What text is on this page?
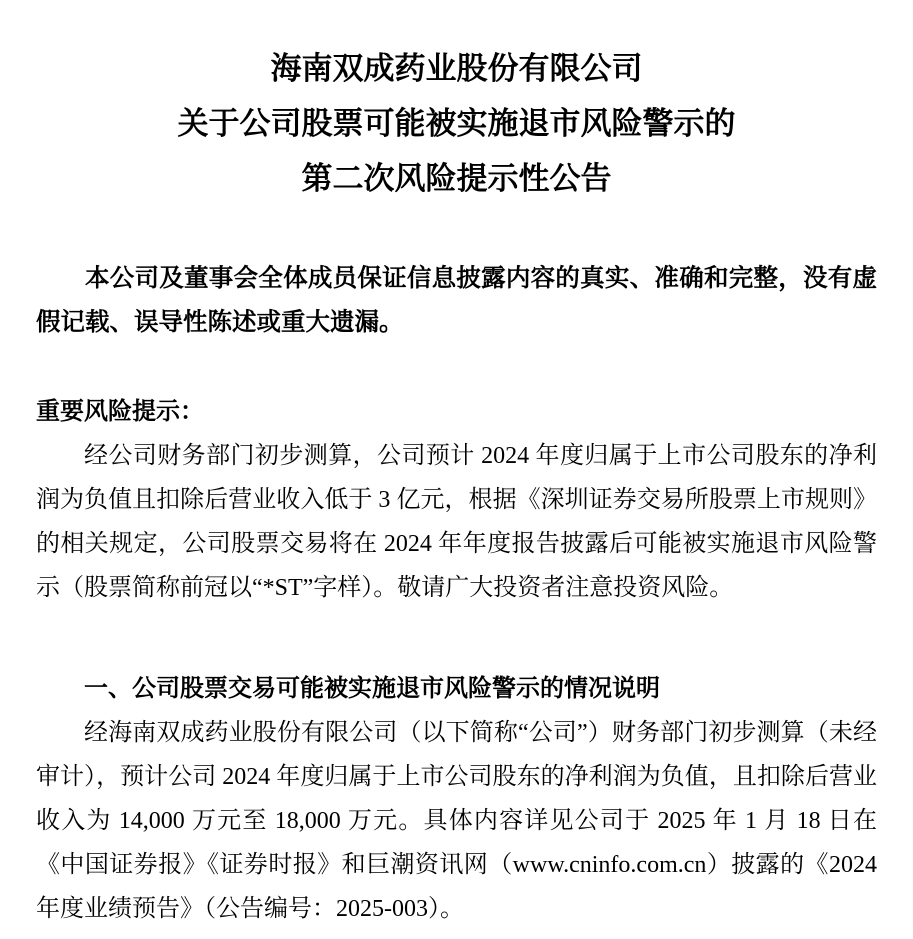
海南双成药业股份有限公司
关于公司股票可能被实施退市风险警示的
第二次风险提示性公告

本公司及董事会全体成员保证信息披露内容的真实、准确和完整，没有虚假记载、误导性陈述或重大遗漏。

重要风险提示：

经公司财务部门初步测算，公司预计 2024 年度归属于上市公司股东的净利润为负值且扣除后营业收入低于 3 亿元，根据《深圳证券交易所股票上市规则》的相关规定，公司股票交易将在 2024 年年度报告披露后可能被实施退市风险警示（股票简称前冠以“*ST”字样）。敬请广大投资者注意投资风险。

一、公司股票交易可能被实施退市风险警示的情况说明

经海南双成药业股份有限公司（以下简称“公司”）财务部门初步测算（未经审计），预计公司 2024 年度归属于上市公司股东的净利润为负值，且扣除后营业收入为 14,000 万元至 18,000 万元。具体内容详见公司于 2025 年 1 月 18 日在《中国证券报》《证券时报》和巨潮资讯网（www.cninfo.com.cn）披露的《2024 年度业绩预告》（公告编号：2025-003）。
